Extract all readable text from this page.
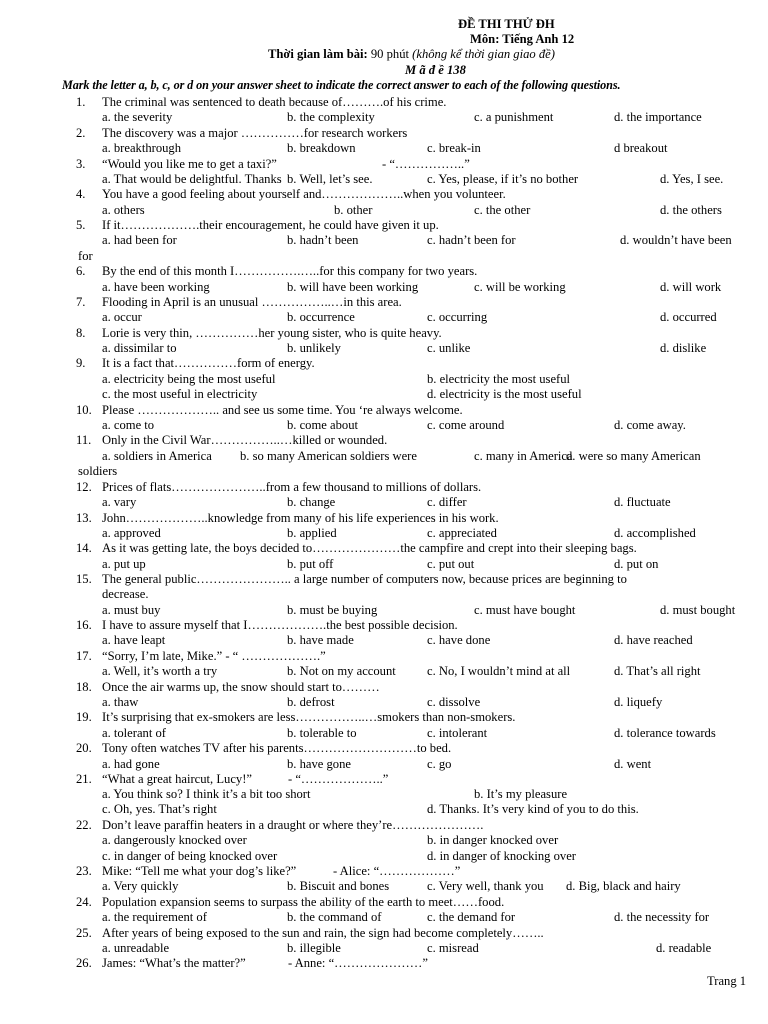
ĐỀ THI THỬ ĐH
Môn: Tiếng Anh 12
Thời gian làm bài: 90 phút (không kể thời gian giao đề)
M ã đ ề 138
Mark the letter a, b, c, or d on your answer sheet to indicate the correct answer to each of the following questions.
1. The criminal was sentenced to death because of……….of his crime.
a. the severity	b. the complexity	c. a punishment	d. the importance
2. The discovery was a major ……………for research workers
a. breakthrough	b. breakdown	c. break-in	d breakout
3. “Would you like me to get a taxi?”	- “……………..”
a. That would be delightful. Thanks b. Well, let’s see.	c. Yes, please, if it’s no bother	d. Yes, I see.
4. You have a good feeling about yourself and………………..when you volunteer.
a. others	b. other	c. the other	d. the others
5. If it……………….their encouragement, he could have given it up.
a. had been for	b. hadn’t been	c. hadn’t been for	d. wouldn’t have been
for
6. By the end of this month I…………….…..for this company for two years.
a. have been working	b. will have been working	c. will be working	d. will work
7. Flooding in April is an unusual ……………..…in this area.
a. occur	b. occurrence	c. occurring	d. occurred
8. Lorie is very thin, ……………her young sister, who is quite heavy.
a. dissimilar to	b. unlikely	c. unlike	d. dislike
9. It is a fact that……………form of energy.
a. electricity being the most useful	b. electricity the most useful
c. the most useful in electricity	d. electricity is the most useful
10. Please ……………….. and see us some time. You ‘re always welcome.
a. come to	b. come about	c. come around	d. come away.
11. Only in the Civil War……………..…killed or wounded.
a. soldiers in America b. so many American soldiers were	c. many in America
d. were so many American
soldiers
12. Prices of flats…………………..from a few thousand to millions of dollars.
a. vary	b. change	c. differ	d. fluctuate
13. John………………..knowledge from many of his life experiences in his work.
a. approved	b. applied	c. appreciated	d. accomplished
14. As it was getting late, the boys decided to…………………the campfire and crept into their sleeping bags.
a. put up	b. put off	c. put out	d. put on
15. The general public………………….. a large number of computers now, because prices are beginning to
decrease.
a. must buy	b. must be buying	c. must have bought	d. must bought
16. I have to assure myself that I……………….the best possible decision.
a. have leapt	b. have made	c. have done	d. have reached
17. “Sorry, I’m late, Mike.” - “ ……………….”
a. Well, it’s worth a try	b. Not on my account c. No, I wouldn’t mind at all	d. That’s all right
18. Once the air warms up, the snow should start to………
a. thaw	b. defrost	c. dissolve	d. liquefy
19. It’s surprising that ex-smokers are less……………..…smokers than non-smokers.
a. tolerant of	b. tolerable to	c. intolerant	d. tolerance towards
20. Tony often watches TV after his parents………………………to bed.
a. had gone	b. have gone	c. go	d. went
21. “What a great haircut, Lucy!”	- “………………..”
a. You think so? I think it’s a bit too short	b. It’s my pleasure
c. Oh, yes. That’s right	d. Thanks. It’s very kind of you to do this.
22. Don’t leave paraffin heaters in a draught or where they’re………………….
a. dangerously knocked over	b. in danger knocked over
c. in danger of being knocked over	d. in danger of knocking over
23. Mike: “Tell me what your dog’s like?”	- Alice: “………………”
a. Very quickly	b. Biscuit and bones	c. Very well, thank you d. Big, black and hairy
24. Population expansion seems to surpass the ability of the earth to meet……food.
a. the requirement of	b. the command of	c. the demand for	d. the necessity for
25. After years of being exposed to the sun and rain, the sign had become completely……..
a. unreadable	b. illegible	c. misread	d. readable
26. James: “What’s the matter?”	- Anne: “…………………”
Trang 1
